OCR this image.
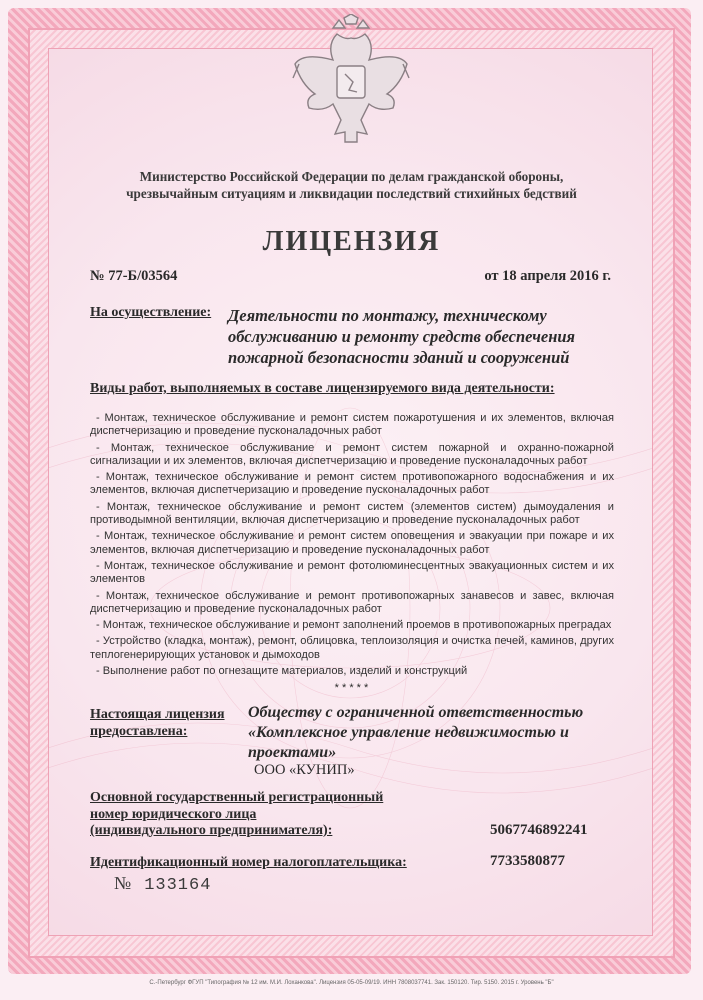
Министерство Российской Федерации по делам гражданской обороны,
чрезвычайным ситуациям и ликвидации последствий стихийных бедствий
ЛИЦЕНЗИЯ
№ 77-Б/03564	от 18 апреля 2016 г.
На осуществление: Деятельности по монтажу, техническому обслуживанию и ремонту средств обеспечения пожарной безопасности зданий и сооружений
Виды работ, выполняемых в составе лицензируемого вида деятельности:
- Монтаж, техническое обслуживание и ремонт систем пожаротушения и их элементов, включая диспетчеризацию и проведение пусконаладочных работ
- Монтаж, техническое обслуживание и ремонт систем пожарной и охранно-пожарной сигнализации и их элементов, включая диспетчеризацию и проведение пусконаладочных работ
- Монтаж, техническое обслуживание и ремонт систем противопожарного водоснабжения и их элементов, включая диспетчеризацию и проведение пусконаладочных работ
- Монтаж, техническое обслуживание и ремонт систем (элементов систем) дымоудаления и противодымной вентиляции, включая диспетчеризацию и проведение пусконаладочных работ
- Монтаж, техническое обслуживание и ремонт систем оповещения и эвакуации при пожаре и их элементов, включая диспетчеризацию и проведение пусконаладочных работ
- Монтаж, техническое обслуживание и ремонт фотолюминесцентных эвакуационных систем и их элементов
- Монтаж, техническое обслуживание и ремонт противопожарных занавесов и завес, включая диспетчеризацию и проведение пусконаладочных работ
- Монтаж, техническое обслуживание и ремонт заполнений проемов в противопожарных преградах
- Устройство (кладка, монтаж), ремонт, облицовка, теплоизоляция и очистка печей, каминов, других теплогенерирующих установок и дымоходов
- Выполнение работ по огнезащите материалов, изделий и конструкций
* * * * *
Настоящая лицензия
предоставлена:
Обществу с ограниченной ответственностью «Комплексное управление недвижимостью и проектами»
ООО «КУНИП»
Основной государственный регистрационный
номер юридического лица
(индивидуального предпринимателя):	5067746892241
Идентификационный номер налогоплательщика:	7733580877
№ 133164
С.-Петербург ФГУП "Типография № 12 им. М.И. Лоханкова". Лицензия 05-05-09/19. ИНН 7808037741. Зак. 150120. Тир. 5150. 2015 г. Уровень "Б"
